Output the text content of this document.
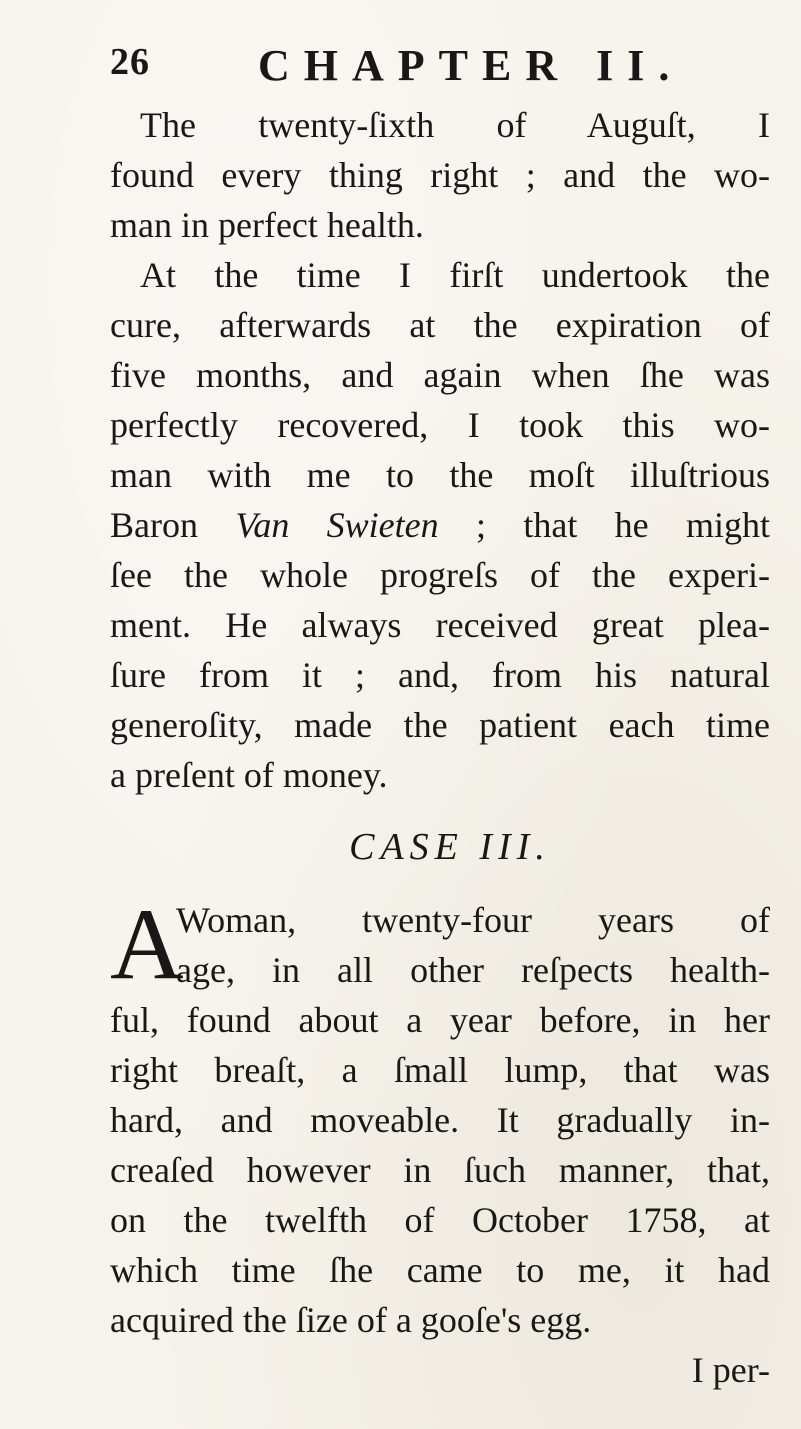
26 CHAPTER II.
The twenty-ſixth of Auguſt, I
found every thing right ; and the wo-
man in perfect health.
At the time I firſt undertook the
cure, afterwards at the expiration of
five months, and again when ſhe was
perfectly recovered, I took this wo-
man with me to the moſt illuſtrious
Baron Van Swieten ; that he might
ſee the whole progreſs of the experi-
ment. He always received great plea-
ſure from it ; and, from his natural
generoſity, made the patient each time
a preſent of money.
CASE III.
A
Woman, twenty-four years of
age, in all other reſpects health-
ful, found about a year before, in her
right breaſt, a ſmall lump, that was
hard, and moveable. It gradually in-
creaſed however in ſuch manner, that,
on the twelfth of October 1758, at
which time ſhe came to me, it had
acquired the ſize of a gooſe's egg.
I per-
